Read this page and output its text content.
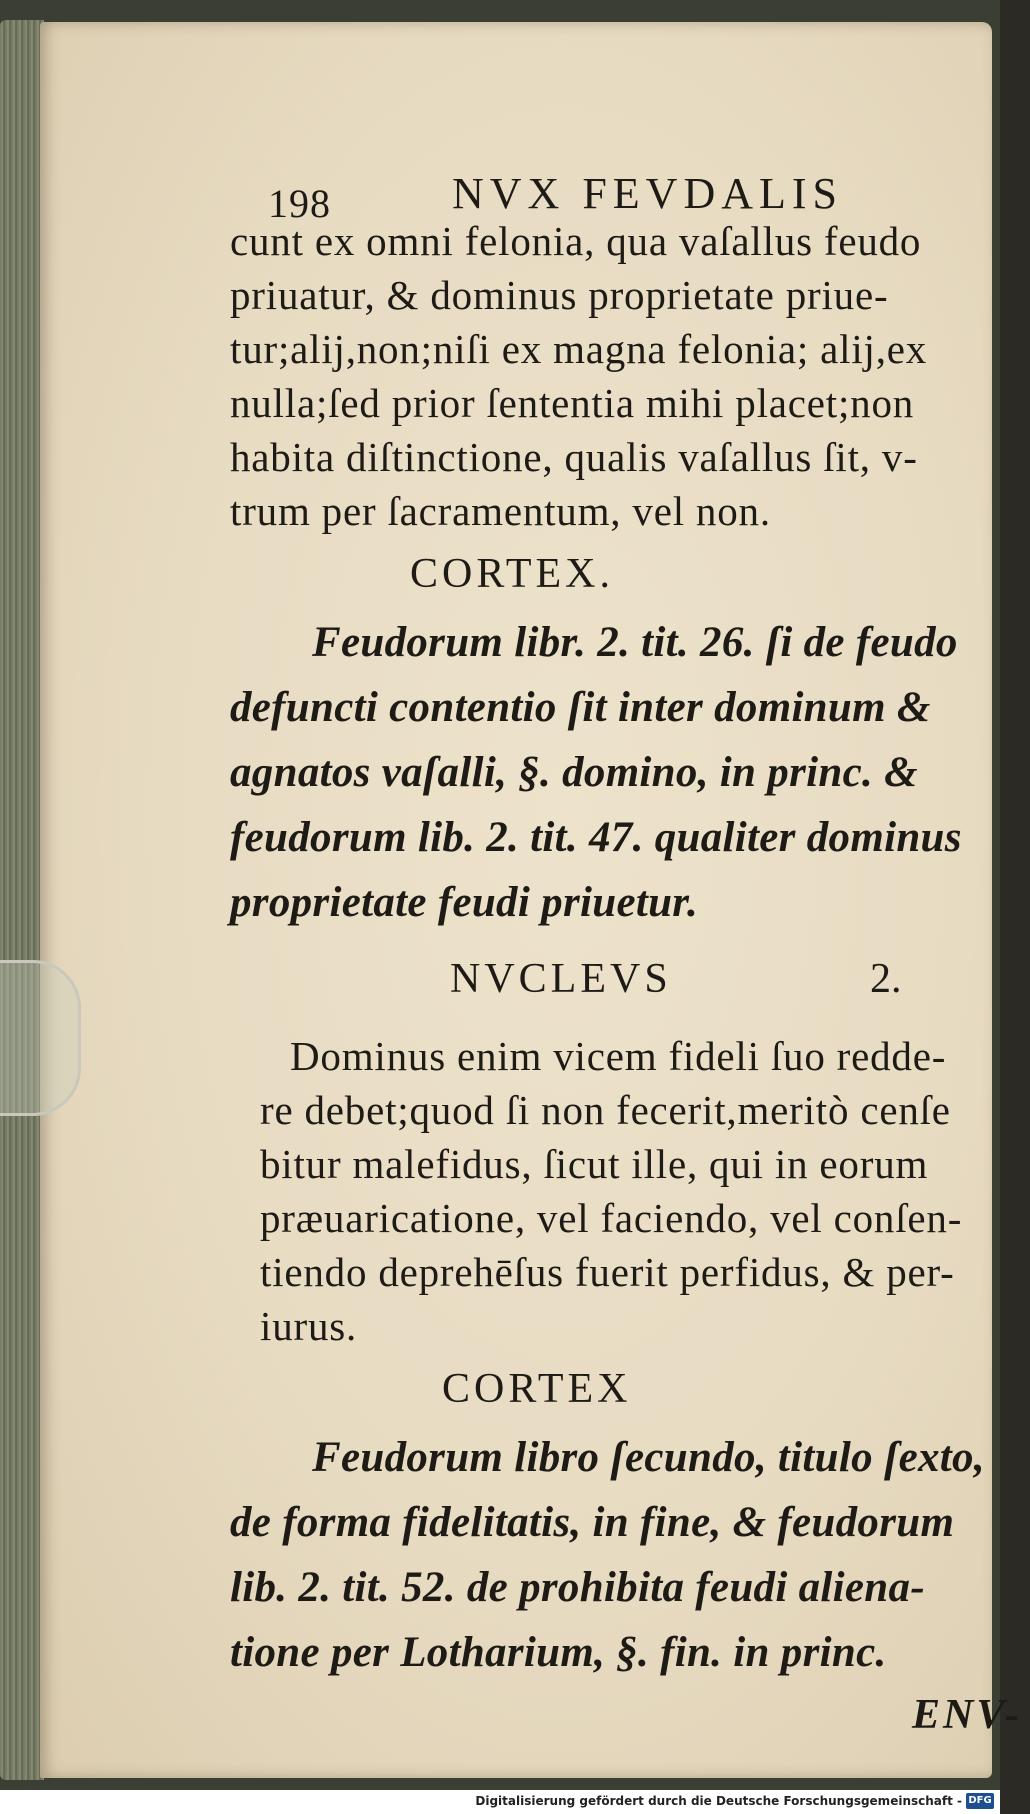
198	NVX FEVDALIS
cunt ex omni felonia, qua vaſallus feudo
priuatur, & dominus proprietate priue-
tur;alij,non;niſi ex magna felonia; alij,ex
nulla;ſed prior ſententia mihi placet;non
habita diſtinctione, qualis vaſallus ſit, v-
trum per ſacramentum, vel non.
CORTEX.
Feudorum libr. 2. tit. 26. ſi de feudo
defuncti contentio ſit inter dominum &
agnatos vaſalli, §. domino, in princ. &
feudorum lib. 2. tit. 47. qualiter dominus
proprietate feudi priuetur.
NVCLEVS	2.
Dominus enim vicem fideli ſuo redde-
re debet;quod ſi non fecerit,meritò cenſe
bitur malefidus, ſicut ille, qui in eorum
præuaricatione, vel faciendo, vel conſen-
tiendo deprehēſus fuerit perfidus, & per-
iurus.
CORTEX
Feudorum libro ſecundo, titulo ſexto,
de forma fidelitatis, in fine, & feudorum
lib. 2. tit. 52. de prohibita feudi aliena-
tione per Lotharium, §. fin. in princ.
ENV-
Digitalisierung gefördert durch die Deutsche Forschungsgemeinschaft - DFG
